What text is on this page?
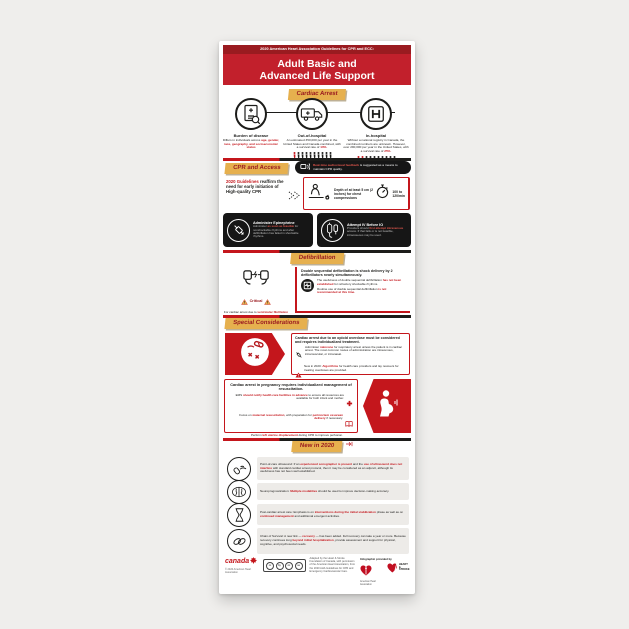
2020 American Heart Association Guidelines for CPR and ECC:
Adult Basic and
Advanced Life Support
Cardiac Arrest
Burden of disease
Differs in individuals across age, gender, race, geography, and socioeconomic status
Out-of-hospital
An estimated 350,000 per year in the United States and Canada combined, with a survival rate of 10%.
In-hospital
Without a national registry in Canada, the combined numbers are unknown. However, over 290,000 per year in the United States, with a survival rate of 25%.
CPR and Access
Real-time audiovisual feedback is suggested as a means to maintain CPR quality.
2020 Guidelines reaffirm the need for early initiation of High-quality CPR	Depth of at least 5 cm (2 inches) for chest compressions
100 to
120/min
Administer Epinephrine
Administer as soon as feasible for nonshockable rhythms and after defibrillation has failed in shockable rhythms.
Attempt IV Before IO
Providers should first attempt intravenous access. If that fails or is not feasible, intraosseous may be used.
Defibrillation
Critical
For cardiac arrest due to ventricular fibrillation
Double sequential defibrillation is shock delivery by 2 defibrillators nearly simultaneously.
The usefulness of double sequential defibrillation has not been established for refractory shockable rhythms.
Routine use of double sequential defibrillation is not recommended at this time.
Special Considerations
Cardiac arrest due to an opioid overdose must be considered and requires individualized treatment.
Administer naloxone for respiratory arrest unless the patient is in cardiac arrest. The most common routes of administration are intravenous, intramuscular, or intranasal.
New in 2020: Algorithms for health care providers and lay rescuers for treating overdoses are provided.
Cardiac arrest in pregnancy requires individualized management of resuscitation.
EMS should notify health care facilities in advance to ensure all resources are available for both infant and mother.
Focus on maternal resuscitation, with preparation for perimortem cesarean delivery if necessary.
Perform left uterine displacement during CPR to improve perfusion.
New in 2020
Point-of-care ultrasound: If an experienced sonographer is present and the use of ultrasound does not interfere with standard cardiac arrest protocol, then it may be considered as an adjunct, although its usefulness has not been well established.
Neuroprognostication: Multiple modalities should be used to improve decision-making accuracy.
Post-cardiac arrest care: Emphasis is on interventions during the initial stabilization phase as well as on continued management and additional emergent activities.
Chain of Survival: A new link — recovery — has been added. Full recovery can take a year or more. Because recovery continues long beyond initial hospitalization, provide assessment and support for physical, cognitive, and psychosocial needs.
canada
© 2020 American Heart Association
cc	by	nc	sa
Adapted by the Heart & Stroke Foundation of Canada, with permission of the American Heart Association, from the 2020 AHA Guidelines for CPR and Emergency Cardiovascular Care.
Infographic provided by
American Heart Association
HEART &
STROKE
